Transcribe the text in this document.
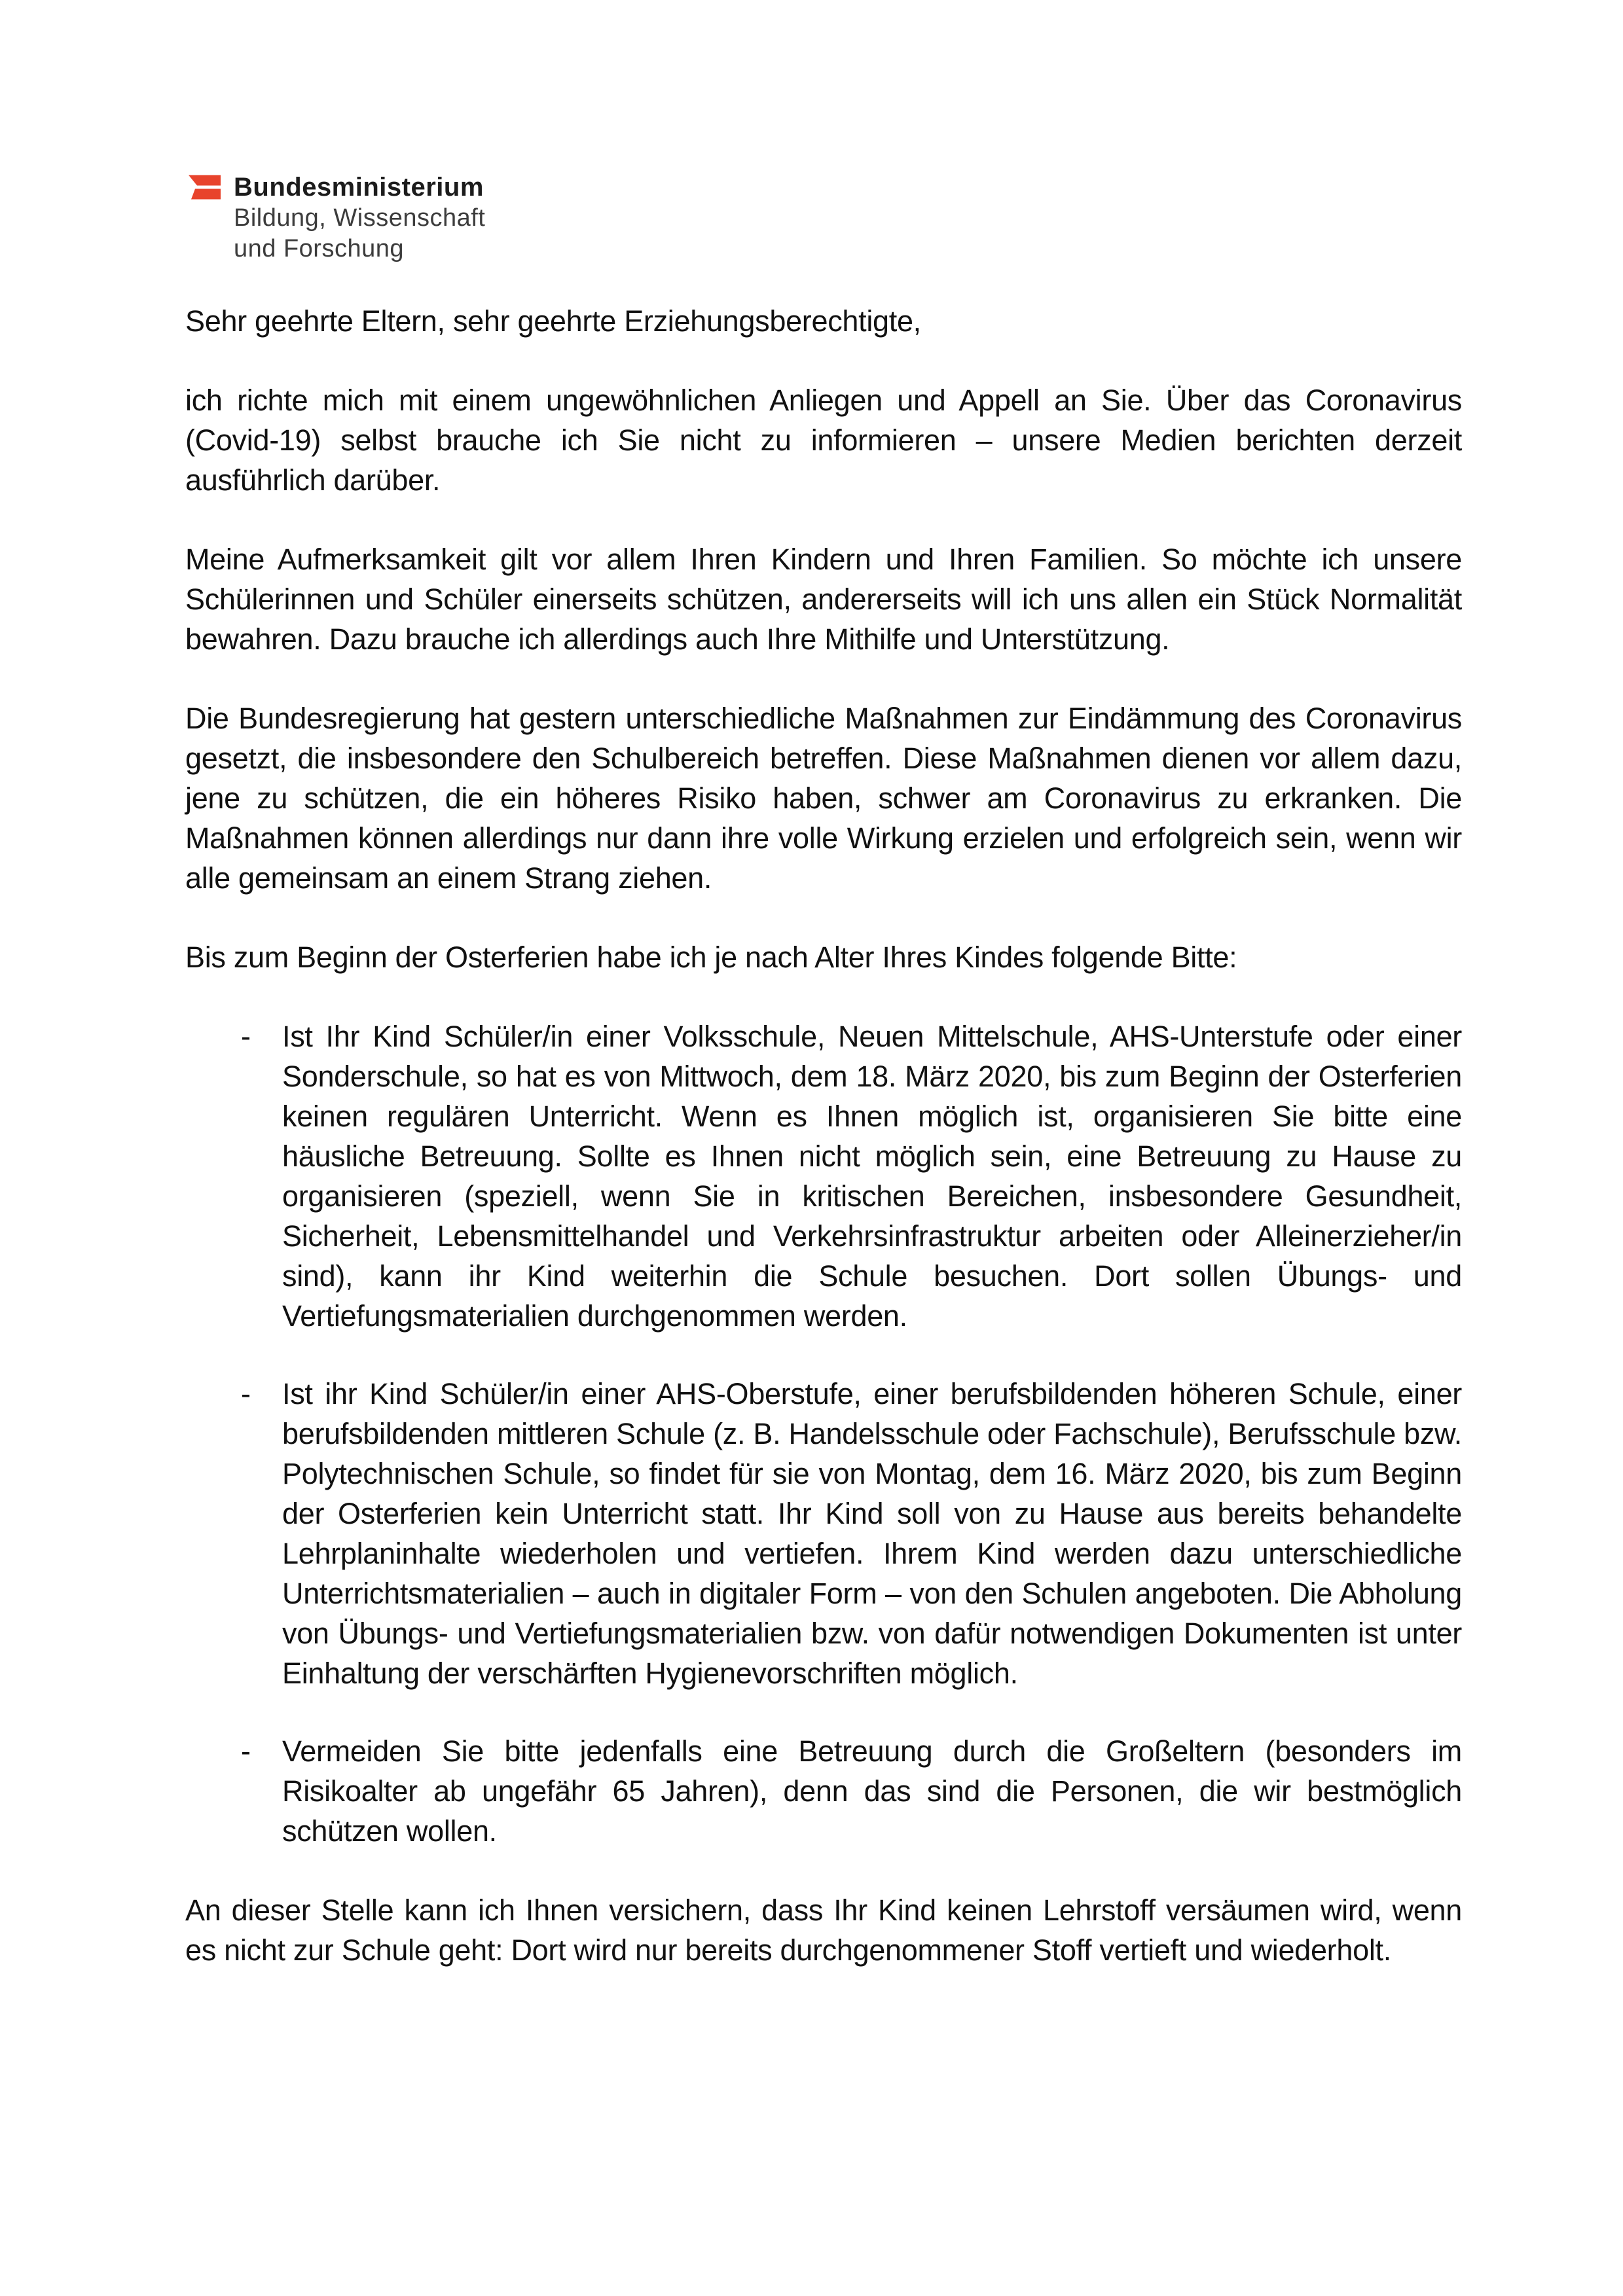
Bundesministerium
Bildung, Wissenschaft
und Forschung

Sehr geehrte Eltern, sehr geehrte Erziehungsberechtigte,

ich richte mich mit einem ungewöhnlichen Anliegen und Appell an Sie. Über das Coronavirus (Covid-19) selbst brauche ich Sie nicht zu informieren – unsere Medien berichten derzeit ausführlich darüber.

Meine Aufmerksamkeit gilt vor allem Ihren Kindern und Ihren Familien. So möchte ich unsere Schülerinnen und Schüler einerseits schützen, andererseits will ich uns allen ein Stück Normalität bewahren. Dazu brauche ich allerdings auch Ihre Mithilfe und Unterstützung.

Die Bundesregierung hat gestern unterschiedliche Maßnahmen zur Eindämmung des Coronavirus gesetzt, die insbesondere den Schulbereich betreffen. Diese Maßnahmen dienen vor allem dazu, jene zu schützen, die ein höheres Risiko haben, schwer am Coronavirus zu erkranken. Die Maßnahmen können allerdings nur dann ihre volle Wirkung erzielen und erfolgreich sein, wenn wir alle gemeinsam an einem Strang ziehen.

Bis zum Beginn der Osterferien habe ich je nach Alter Ihres Kindes folgende Bitte:

- Ist Ihr Kind Schüler/in einer Volksschule, Neuen Mittelschule, AHS-Unterstufe oder einer Sonderschule, so hat es von Mittwoch, dem 18. März 2020, bis zum Beginn der Osterferien keinen regulären Unterricht. Wenn es Ihnen möglich ist, organisieren Sie bitte eine häusliche Betreuung. Sollte es Ihnen nicht möglich sein, eine Betreuung zu Hause zu organisieren (speziell, wenn Sie in kritischen Bereichen, insbesondere Gesundheit, Sicherheit, Lebensmittelhandel und Verkehrsinfrastruktur arbeiten oder Alleinerzieher/in sind), kann ihr Kind weiterhin die Schule besuchen. Dort sollen Übungs- und Vertiefungsmaterialien durchgenommen werden.
- Ist ihr Kind Schüler/in einer AHS-Oberstufe, einer berufsbildenden höheren Schule, einer berufsbildenden mittleren Schule (z. B. Handelsschule oder Fachschule), Berufsschule bzw. Polytechnischen Schule, so findet für sie von Montag, dem 16. März 2020, bis zum Beginn der Osterferien kein Unterricht statt. Ihr Kind soll von zu Hause aus bereits behandelte Lehrplaninhalte wiederholen und vertiefen. Ihrem Kind werden dazu unterschiedliche Unterrichtsmaterialien – auch in digitaler Form – von den Schulen angeboten. Die Abholung von Übungs- und Vertiefungsmaterialien bzw. von dafür notwendigen Dokumenten ist unter Einhaltung der verschärften Hygienevorschriften möglich.
- Vermeiden Sie bitte jedenfalls eine Betreuung durch die Großeltern (besonders im Risikoalter ab ungefähr 65 Jahren), denn das sind die Personen, die wir bestmöglich schützen wollen.

An dieser Stelle kann ich Ihnen versichern, dass Ihr Kind keinen Lehrstoff versäumen wird, wenn es nicht zur Schule geht: Dort wird nur bereits durchgenommener Stoff vertieft und wiederholt.
